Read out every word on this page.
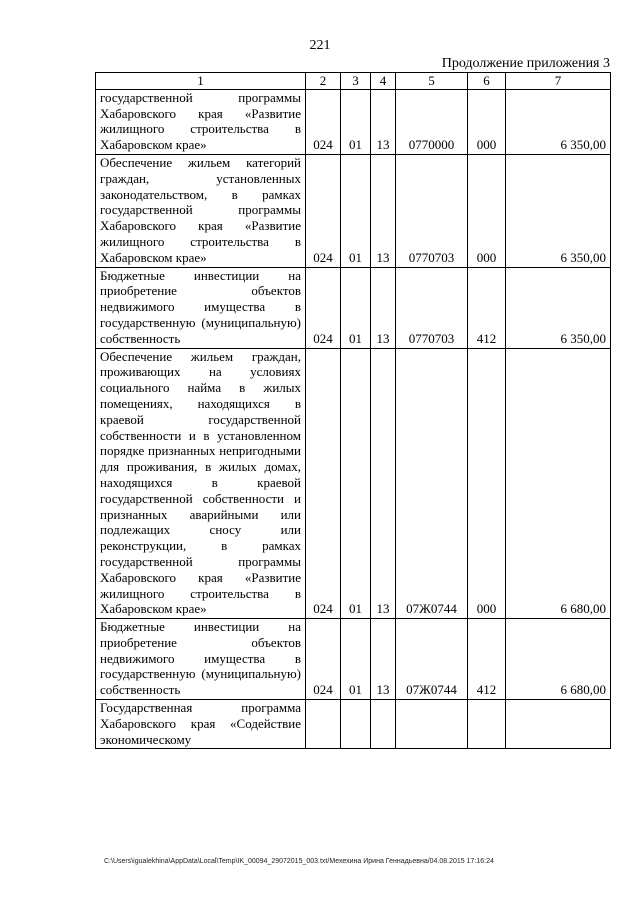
221
Продолжение приложения 3
1	2	3	4	5	6	7
государственной программы Хабаровского края «Развитие жилищного строительства в Хабаровском крае»	024	01	13	0770000	000	6 350,00
Обеспечение жильем категорий граждан, установленных законодательством, в рамках государственной программы Хабаровского края «Развитие жилищного строительства в Хабаровском крае»	024	01	13	0770703	000	6 350,00
Бюджетные инвестиции на приобретение объектов недвижимого имущества в государственную (муниципальную) собственность	024	01	13	0770703	412	6 350,00
Обеспечение жильем граждан, проживающих на условиях социального найма в жилых помещениях, находящихся в краевой государственной собственности и в установленном порядке признанных непригодными для проживания, в жилых домах, находящихся в краевой государственной собственности и признанных аварийными или подлежащих сносу или реконструкции, в рамках государственной программы Хабаровского края «Развитие жилищного строительства в Хабаровском крае»	024	01	13	07Ж0744	000	6 680,00
Бюджетные инвестиции на приобретение объектов недвижимого имущества в государственную (муниципальную) собственность	024	01	13	07Ж0744	412	6 680,00
Государственная программа Хабаровского края «Содействие экономическому						
C:\Users\igualekhina\AppData\Local\Temp\IK_00094_29072015_003.txt/Мехехина Ирина Геннадьевна/04.08.2015 17:16:24
